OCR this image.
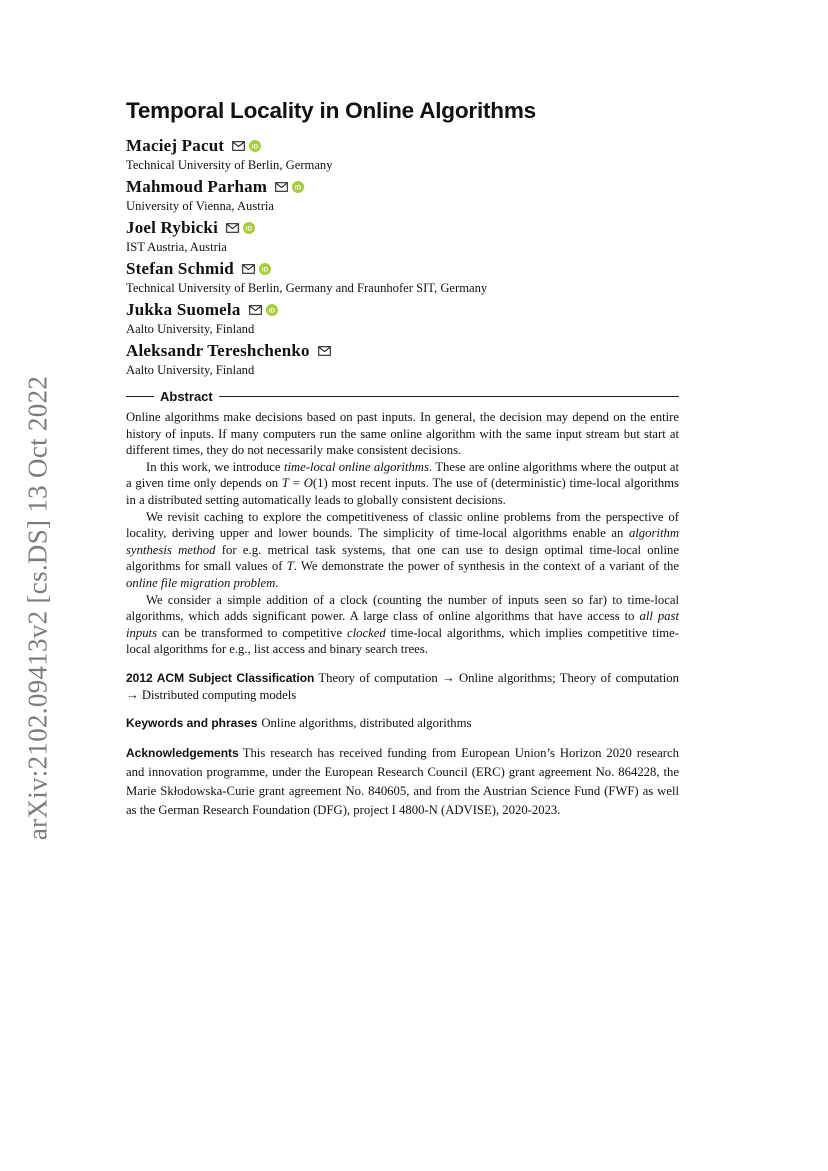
arXiv:2102.09413v2 [cs.DS] 13 Oct 2022
Temporal Locality in Online Algorithms
Maciej Pacut	iD
Technical University of Berlin, Germany
Mahmoud Parham	iD
University of Vienna, Austria
Joel Rybicki	iD
IST Austria, Austria
Stefan Schmid	iD
Technical University of Berlin, Germany and Fraunhofer SIT, Germany
Jukka Suomela	iD
Aalto University, Finland
Aleksandr Tereshchenko
Aalto University, Finland
Abstract

Online algorithms make decisions based on past inputs. In general, the decision may depend on the entire history of inputs. If many computers run the same online algorithm with the same input stream but start at different times, they do not necessarily make consistent decisions.

In this work, we introduce time-local online algorithms. These are online algorithms where the output at a given time only depends on T = O(1) most recent inputs. The use of (deterministic) time-local algorithms in a distributed setting automatically leads to globally consistent decisions.

We revisit caching to explore the competitiveness of classic online problems from the perspective of locality, deriving upper and lower bounds. The simplicity of time-local algorithms enable an algorithm synthesis method for e.g. metrical task systems, that one can use to design optimal time-local online algorithms for small values of T. We demonstrate the power of synthesis in the context of a variant of the online file migration problem.

We consider a simple addition of a clock (counting the number of inputs seen so far) to time-local algorithms, which adds significant power. A large class of online algorithms that have access to all past inputs can be transformed to competitive clocked time-local algorithms, which implies competitive time-local algorithms for e.g., list access and binary search trees.

2012 ACM Subject Classification Theory of computation → Online algorithms; Theory of computation → Distributed computing models

Keywords and phrases Online algorithms, distributed algorithms

Acknowledgements This research has received funding from European Union’s Horizon 2020 research and innovation programme, under the European Research Council (ERC) grant agreement No. 864228, the Marie Skłodowska-Curie grant agreement No. 840605, and from the Austrian Science Fund (FWF) as well as the German Research Foundation (DFG), project I 4800-N (ADVISE), 2020-2023.
